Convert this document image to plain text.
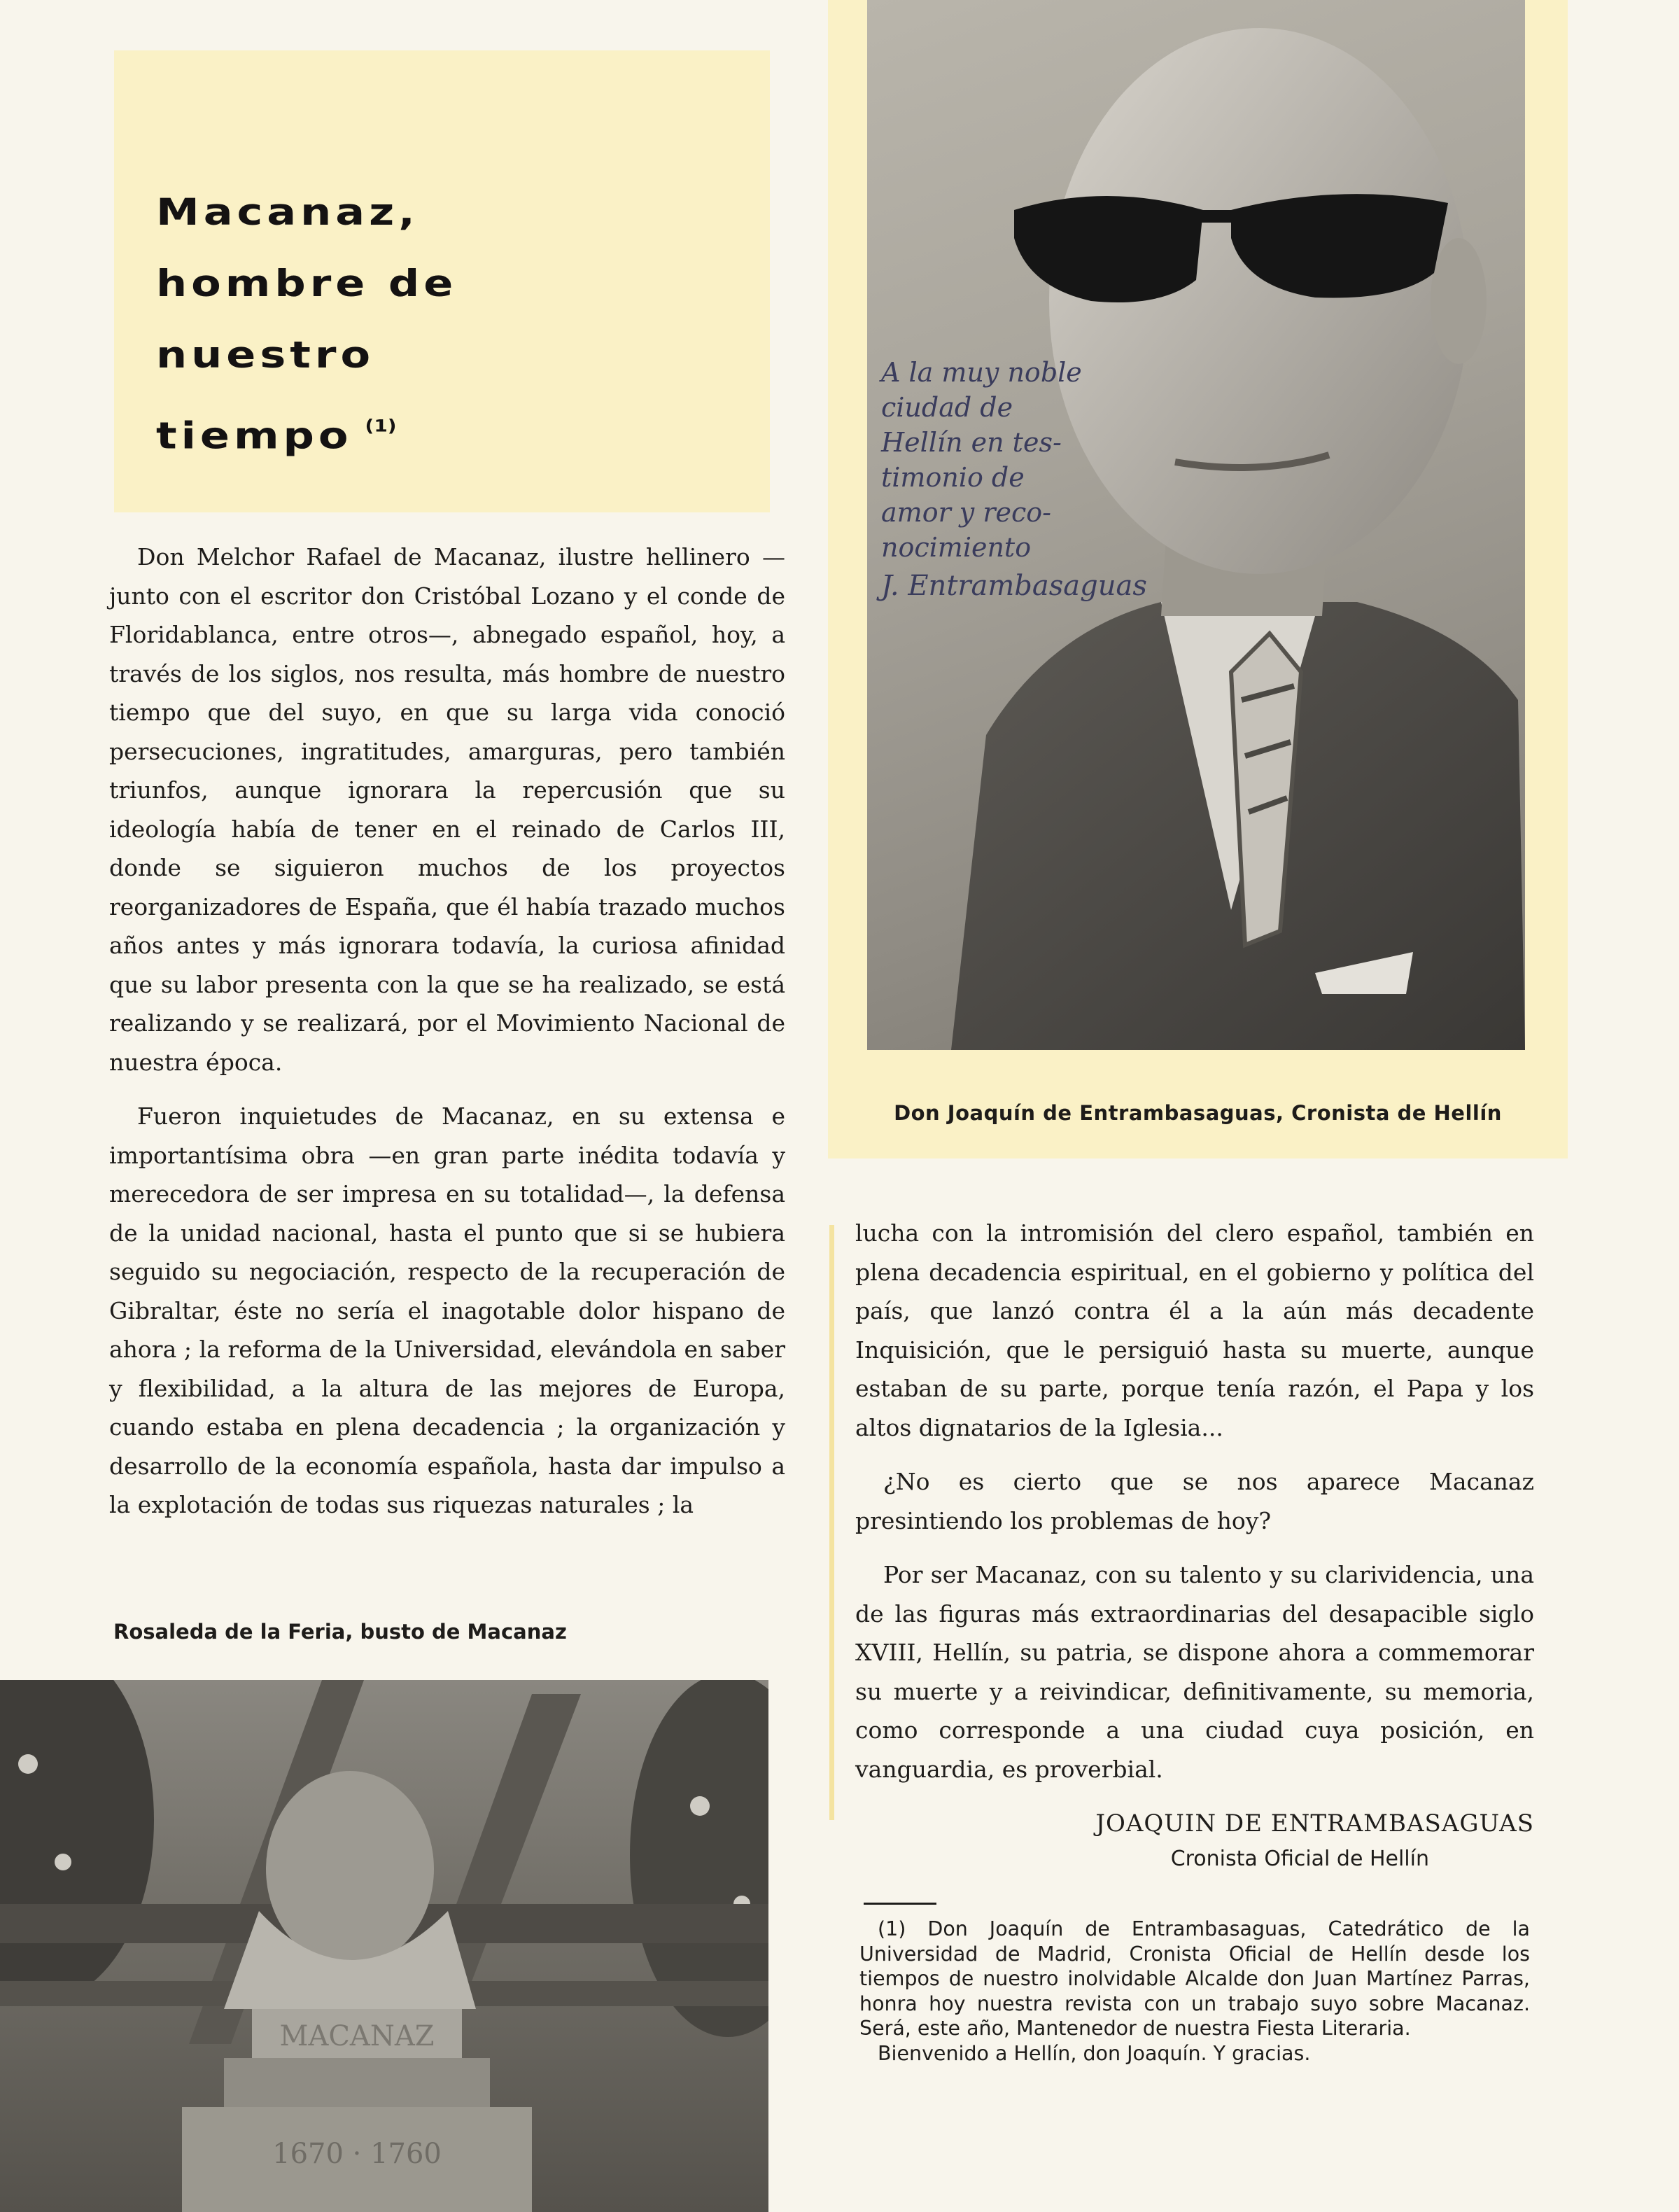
Macanaz,
hombre de
nuestro
tiempo $^{(1)}$

Don Melchor Rafael de Macanaz, ilustre hellinero —junto con el escritor don Cristóbal Lozano y el conde de Floridablanca, entre otros—, abnegado español, hoy, a través de los siglos, nos resulta, más hombre de nuestro tiempo que del suyo, en que su larga vida conoció persecuciones, ingratitudes, amarguras, pero también triunfos, aunque ignorara la repercusión que su ideología había de tener en el reinado de Carlos III, donde se siguieron muchos de los proyectos reorganizadores de España, que él había trazado muchos años antes y más ignorara todavía, la curiosa afinidad que su labor presenta con la que se ha realizado, se está realizando y se realizará, por el Movimiento Nacional de nuestra época.

Fueron inquietudes de Macanaz, en su extensa e importantísima obra —en gran parte inédita todavía y merecedora de ser impresa en su totalidad—, la defensa de la unidad nacional, hasta el punto que si se hubiera seguido su negociación, respecto de la recuperación de Gibraltar, éste no sería el inagotable dolor hispano de ahora ; la reforma de la Universidad, elevándola en saber y flexibilidad, a la altura de las mejores de Europa, cuando estaba en plena decadencia ; la organización y desarrollo de la economía española, hasta dar impulso a la explotación de todas sus riquezas naturales ; la

A la muy noble
ciudad de
Hellín en tes-
timonio de
amor y reco-
nocimiento
J. Entrambasaguas
Don Joaquín de Entrambasaguas, Cronista de Hellín

lucha con la intromisión del clero español, también en plena decadencia espiritual, en el gobierno y política del país, que lanzó contra él a la aún más decadente Inquisición, que le persiguió hasta su muerte, aunque estaban de su parte, porque tenía razón, el Papa y los altos dignatarios de la Iglesia...

¿No es cierto que se nos aparece Macanaz presintiendo los problemas de hoy?

Por ser Macanaz, con su talento y su clarividencia, una de las figuras más extraordinarias del desapacible siglo XVIII, Hellín, su patria, se dispone ahora a commemorar su muerte y a reivindicar, definitivamente, su memoria, como corresponde a una ciudad cuya posición, en vanguardia, es proverbial.

JOAQUIN DE ENTRAMBASAGUAS
Cronista Oficial de Hellín

(1) Don Joaquín de Entrambasaguas, Catedrático de la Universidad de Madrid, Cronista Oficial de Hellín desde los tiempos de nuestro inolvidable Alcalde don Juan Martínez Parras, honra hoy nuestra revista con un trabajo suyo sobre Macanaz. Será, este año, Mantenedor de nuestra Fiesta Literaria.

Bienvenido a Hellín, don Joaquín. Y gracias.

Rosaleda de la Feria, busto de Macanaz
MACANAZ
1670 · 1760
